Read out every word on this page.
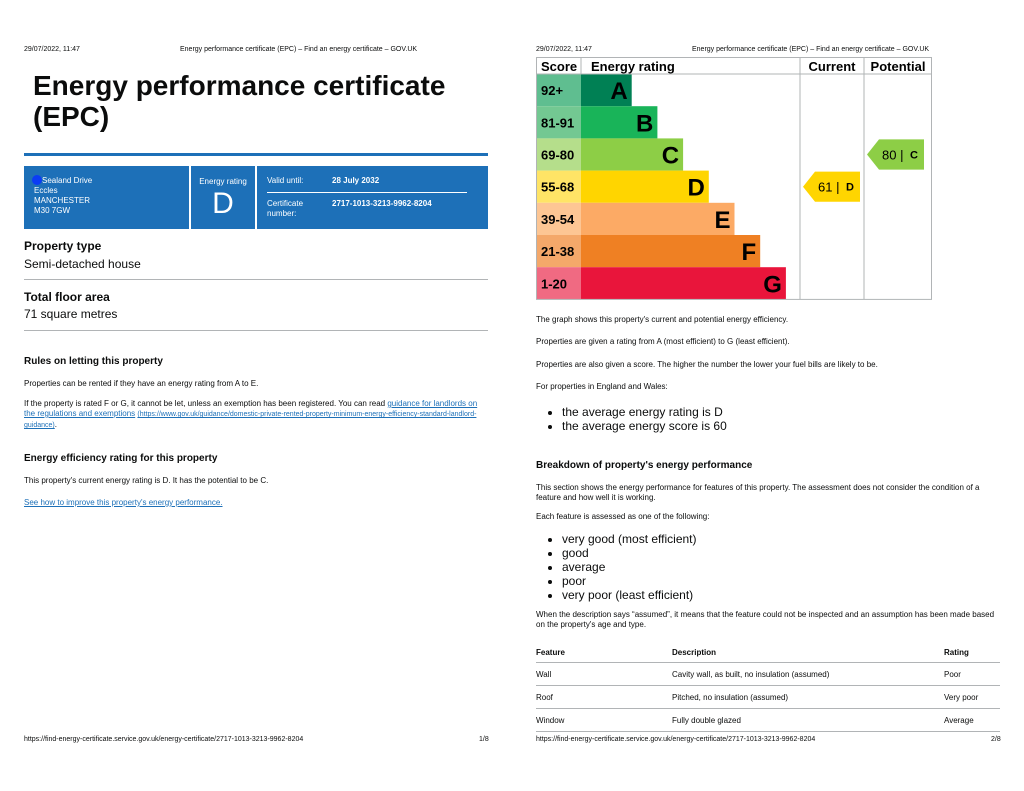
29/07/2022, 11:47	Energy performance certificate (EPC) – Find an energy certificate – GOV.UK
Energy performance certificate (EPC)
Sealand Drive
Eccles
MANCHESTER
M30 7GW
Energy rating
D
Valid until:	28 July 2032
Certificate
number:
2717-1013-3213-9962-8204
Property type
Semi-detached house
Total floor area
71 square metres
Rules on letting this property
Properties can be rented if they have an energy rating from A to E.
If the property is rated F or G, it cannot be let, unless an exemption has been registered. You can read guidance for landlords on the regulations and exemptions (https://www.gov.uk/guidance/domestic-private-rented-property-minimum-energy-efficiency-standard-landlord-guidance).
Energy efficiency rating for this property
This property's current energy rating is D. It has the potential to be C.
See how to improve this property's energy performance.
https://find-energy-certificate.service.gov.uk/energy-certificate/2717-1013-3213-9962-8204	1/8
29/07/2022, 11:47	Energy performance certificate (EPC) – Find an energy certificate – GOV.UK
https://find-energy-certificate.service.gov.uk/energy-certificate/2717-1013-3213-9962-8204	2/8
Score Energy rating	Current Potential
92+ A
81-91	B
69-80	C
55-68	D
39-54	E
21-38	F
1-20	G
61 | D
80 | C
The graph shows this property's current and potential energy efficiency.
Properties are given a rating from A (most efficient) to G (least efficient).
Properties are also given a score. The higher the number the lower your fuel bills are likely to be.
For properties in England and Wales:
• the average energy rating is D
• the average energy score is 60
Breakdown of property's energy performance
This section shows the energy performance for features of this property. The assessment does not consider the condition of a feature and how well it is working.
Each feature is assessed as one of the following:
• very good (most efficient)
• good
• average
• poor
• very poor (least efficient)
When the description says “assumed”, it means that the feature could not be inspected and an assumption has been made based on the property's age and type.
Feature	Description	Rating
Wall	Cavity wall, as built, no insulation (assumed)	Poor
Roof	Pitched, no insulation (assumed)	Very poor
Window	Fully double glazed	Average
